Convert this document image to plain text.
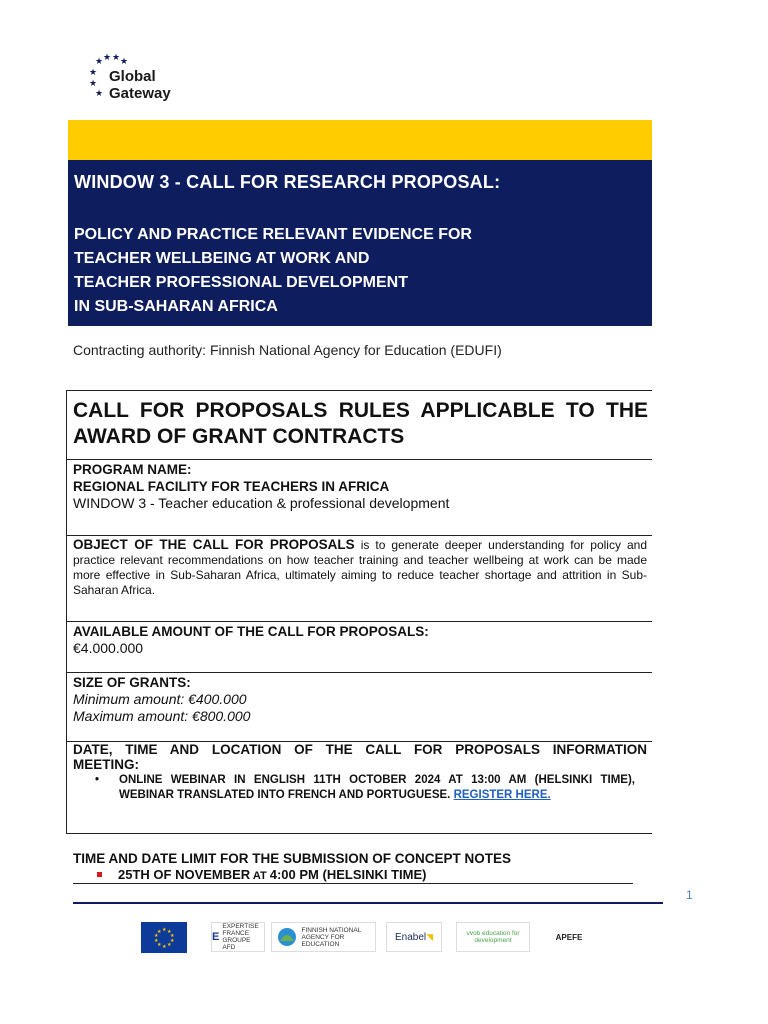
★ ★ ★ ★
★
★
★
Global
Gateway
WINDOW 3 - CALL FOR RESEARCH PROPOSAL:
POLICY AND PRACTICE RELEVANT EVIDENCE FOR
TEACHER WELLBEING AT WORK AND
TEACHER PROFESSIONAL DEVELOPMENT
IN SUB-SAHARAN AFRICA
Contracting authority: Finnish National Agency for Education (EDUFI)
CALL FOR PROPOSALS RULES APPLICABLE TO THE
AWARD OF GRANT CONTRACTS
PROGRAM NAME:
REGIONAL FACILITY FOR TEACHERS IN AFRICA
WINDOW 3 - Teacher education & professional development
OBJECT OF THE CALL FOR PROPOSALS is to generate deeper understanding for policy and practice relevant recommendations on how teacher training and teacher wellbeing at work can be made more effective in Sub-Saharan Africa, ultimately aiming to reduce teacher shortage and attrition in Sub-Saharan Africa.
AVAILABLE AMOUNT OF THE CALL FOR PROPOSALS:
€4.000.000
SIZE OF GRANTS:
Minimum amount: €400.000
Maximum amount: €800.000
DATE, TIME AND LOCATION OF THE CALL FOR PROPOSALS INFORMATION
MEETING:
• ONLINE WEBINAR IN ENGLISH 11TH OCTOBER 2024 AT 13:00 AM (HELSINKI TIME),
WEBINAR TRANSLATED INTO FRENCH AND PORTUGUESE. REGISTER HERE.
TIME AND DATE LIMIT FOR THE SUBMISSION OF CONCEPT NOTES
25TH OF NOVEMBER AT 4:00 PM (HELSINKI TIME)
1
★ ★
★
★
★
★
★
★
★
★	E
EXPERTISE FRANCE GROUPE AFD
FINNISH NATIONAL AGENCY FOR EDUCATION
Enabel ◥	vvob education for development	APEFE
